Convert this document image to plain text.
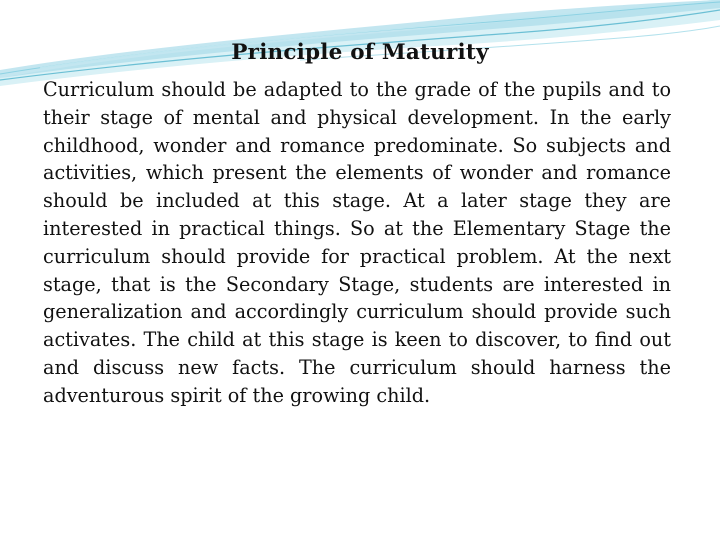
Principle of Maturity
Curriculum should be adapted to the grade of the pupils and to
their stage of mental and physical development. In the early
childhood, wonder and romance predominate. So subjects and
activities, which present the elements of wonder and romance
should be included at this stage. At a later stage they are
interested in practical things. So at the Elementary Stage the
curriculum should provide for practical problem. At the next
stage, that is the Secondary Stage, students are interested in
generalization and accordingly curriculum should provide such
activates. The child at this stage is keen to discover, to find out
and discuss new facts. The curriculum should harness the
adventurous spirit of the growing child.
